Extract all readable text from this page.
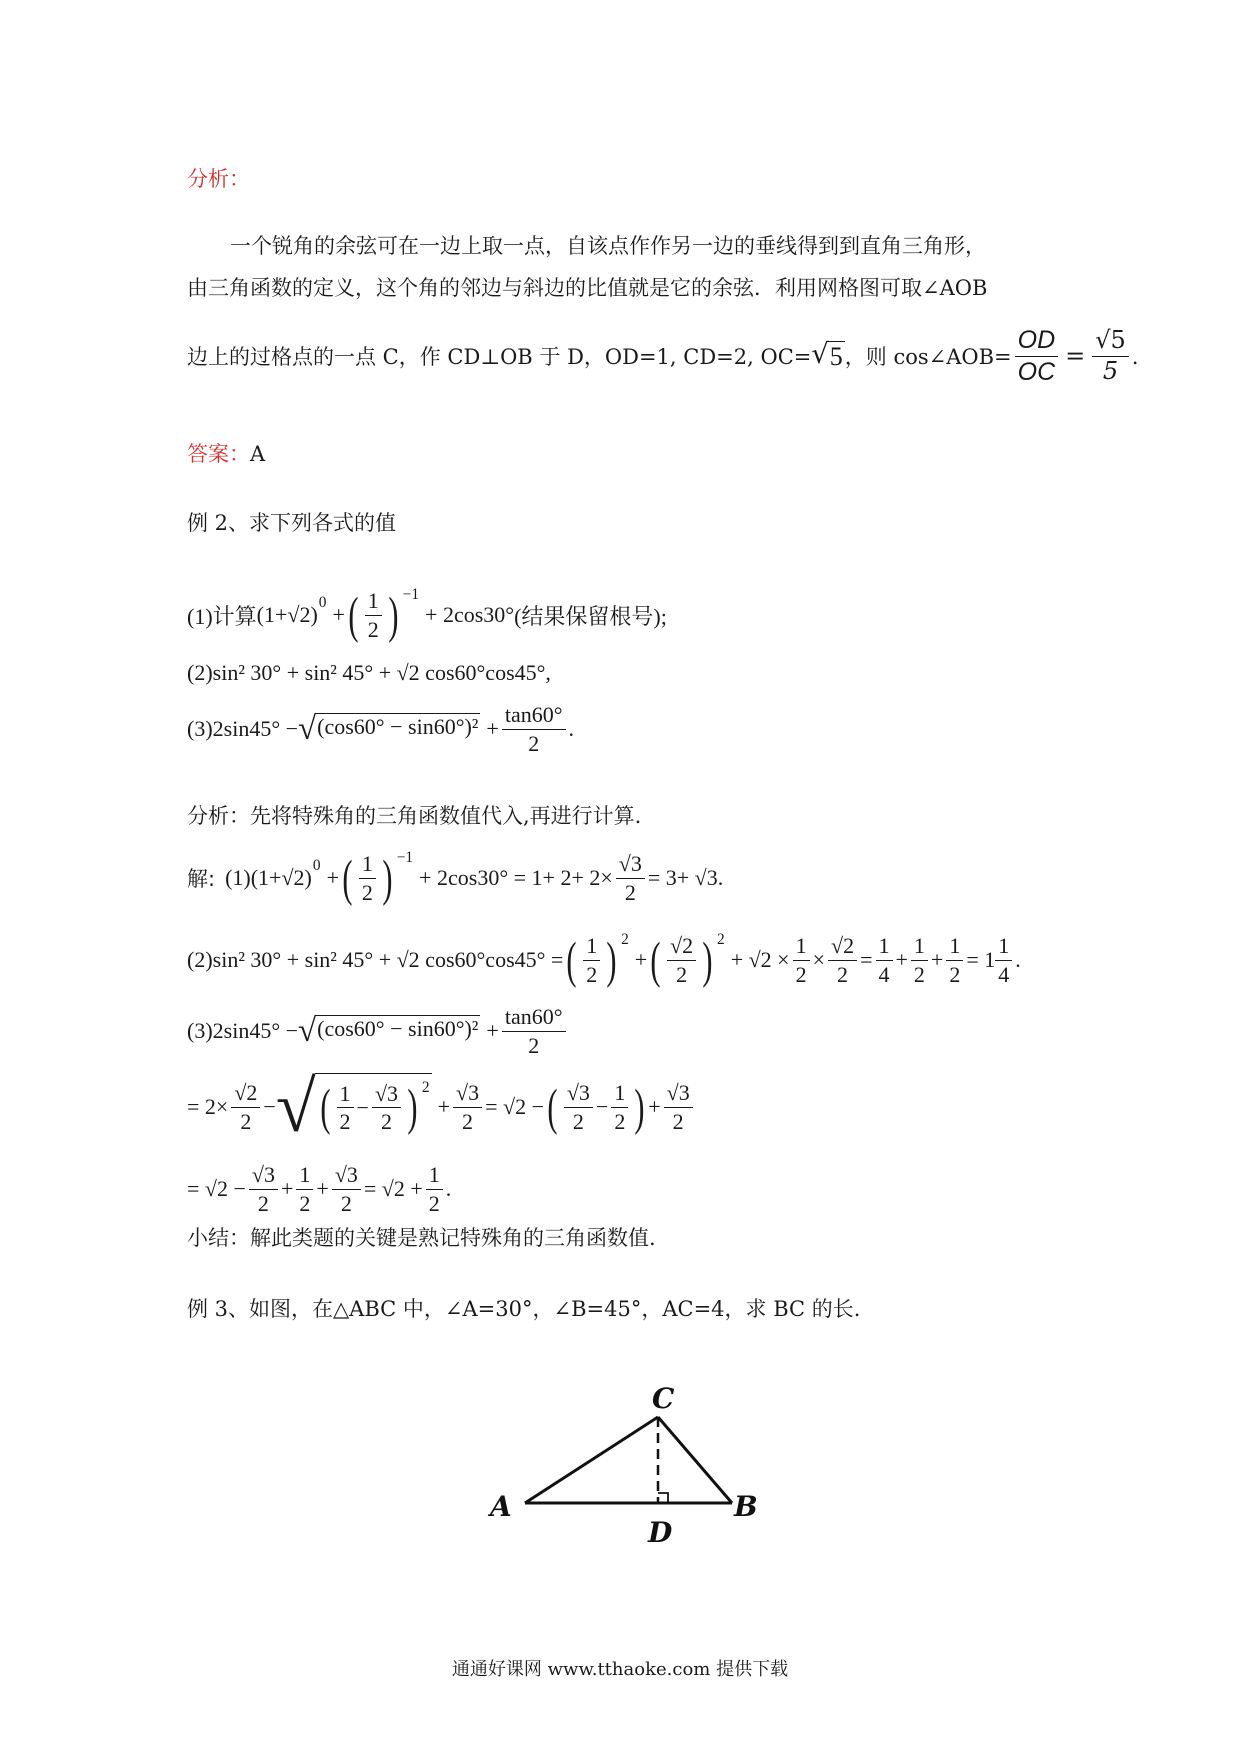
分析：
一个锐角的余弦可在一边上取一点，自该点作作另一边的垂线得到到直角三角形，
由三角函数的定义，这个角的邻边与斜边的比值就是它的余弦．利用网格图可取∠AOB
边上的过格点的一点 C，作 CD⊥OB 于 D，OD=1, CD=2, OC= √ 5 ，则 cos∠AOB= $\frac{OD}{OC} = \frac{√5}{5}$ ．
答案：A
例 2、求下列各式的值
(1)计算 (1+√2) 0 + ( $\frac{1}{2}$ ) −1
+ 2cos30° (结果保留根号);
(2)sin² 30° + sin² 45° + √2 cos60°cos45°,
(3)2sin45° − √ $(\cos 60^\circ - \sin 60^\circ)^2 + \frac{\tan 60^\circ}{2}$ .
分析：先将特殊角的三角函数值代入,再进行计算.
解: (1)(1+√2) 0 + ( $\frac{1}{2}$ ) −1
+ $2\cos 30^\circ = 1+ 2+ 2\times \frac{√3}{2} = 3+ √3$.
(2)sin² 30° + sin² 45° + √2 cos60°cos45° = ( $\frac{1}{2}$ ) 2
+ ( $\frac{√2}{2}$ ) 2
+ $√2 \times \frac{1}{2} \times \frac{√2}{2} = \frac{1}{4} + \frac{1}{2} + \frac{1}{2} = 1 \frac{1}{4}$ .
(3)2sin45° − √ $(\cos 60^\circ - \sin 60^\circ)^2 + \frac{\tan 60^\circ}{2}$
= $2\times \frac{√2}{2}$ − √ ( $\frac{1}{2} - \frac{√3}{2}$ ) 2
+ $\frac{√3}{2} = √2$ − ( $\frac{√3}{2} - \frac{1}{2}$ ) + $\frac{√3}{2}$
= $√2 - \frac{√3}{2} + \frac{1}{2} + \frac{√3}{2} = √2 + \frac{1}{2}$ .
小结：解此类题的关键是熟记特殊角的三角函数值.
例 3、如图，在△ABC 中，∠A=30°，∠B=45°，AC=4，求 BC 的长.
C
A	B
D
通通好课网 www.tthaoke.com 提供下载
